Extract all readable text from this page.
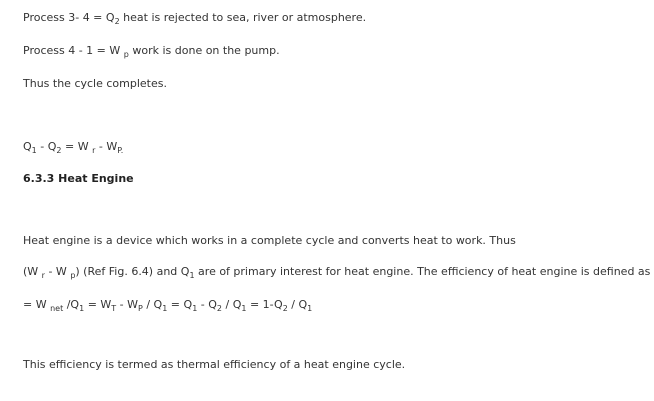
Process 3- $4 = Q_2$ heat is rejected to sea, river or atmosphere.
Process 4 - 1 = W $_p$ work is done on the pump.
Thus the cycle completes.
$Q_1 - Q_2 = W$ $_r - W_{P.}$
6.3.3 Heat Engine
Heat engine is a device which works in a complete cycle and converts heat to work. Thus
(W $_r$ - W $_p$) (Ref Fig. 6.4) and $Q_1$ are of primary interest for heat engine. The efficiency of heat engine is defined as
= W $_{net}$ $/Q_1 = W_T - W_P / Q_1 = Q_1 - Q_2 / Q_1 = 1-Q_2 / Q_1$
This efficiency is termed as thermal efficiency of a heat engine cycle.
